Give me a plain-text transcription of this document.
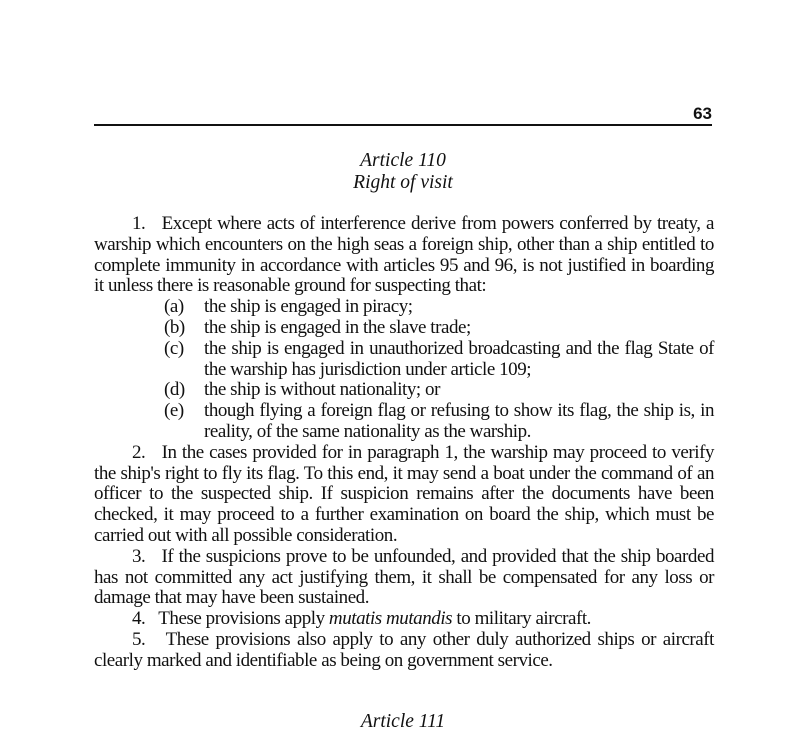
63
Article 110
Right of visit

1. Except where acts of interference derive from powers conferred by treaty, a warship which encounters on the high seas a foreign ship, other than a ship entitled to complete immunity in accordance with articles 95 and 96, is not justified in boarding it unless there is reasonable ground for suspecting that:

(a)	the ship is engaged in piracy;
(b)	the ship is engaged in the slave trade;
(c)	the ship is engaged in unauthorized broadcasting and the flag State of the warship has jurisdiction under article 109;
(d)	the ship is without nationality; or
(e)	though flying a foreign flag or refusing to show its flag, the ship is, in reality, of the same nationality as the warship.

2. In the cases provided for in paragraph 1, the warship may proceed to verify the ship's right to fly its flag. To this end, it may send a boat under the command of an officer to the suspected ship. If suspicion remains after the documents have been checked, it may proceed to a further examination on board the ship, which must be carried out with all possible consideration.

3. If the suspicions prove to be unfounded, and provided that the ship boarded has not committed any act justifying them, it shall be compensated for any loss or damage that may have been sustained.

4. These provisions apply mutatis mutandis to military aircraft.

5. These provisions also apply to any other duly authorized ships or aircraft clearly marked and identifiable as being on government service.

Article 111
